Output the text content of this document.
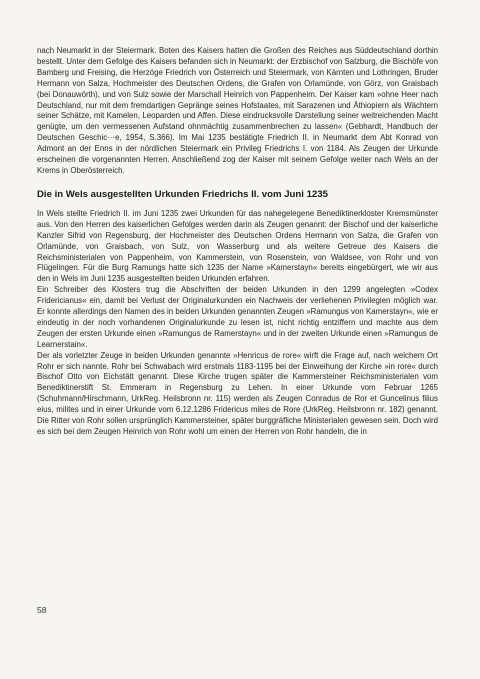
nach Neumarkt in der Steiermark. Boten des Kaisers hatten die Großen des Reiches aus Süddeutschland dorthin bestellt. Unter dem Gefolge des Kaisers befanden sich in Neumarkt: der Erzbischof von Salzburg, die Bischöfe von Bamberg und Freising, die Herzöge Friedrich von Österreich und Steiermark, von Kärnten und Lothringen, Bruder Hermann von Salza, Hochmeister des Deutschen Ordens, die Grafen von Orlamünde, von Görz, von Graisbach (bei Donauwörth), und von Sulz sowie der Marschall Heinrich von Pappenheim. Der Kaiser kam »ohne Heer nach Deutschland, nur mit dem fremdartigen Gepränge seines Hofstaates, mit Sarazenen und Äthiopiern als Wächtern seiner Schätze, mit Kamelen, Leoparden und Affen. Diese eindrucksvolle Darstellung seiner weitreichenden Macht genügte, um den vermessenen Aufstand ohnmächtig zusammenbrechen zu lassen« (Gebhardt, Handbuch der Deutschen Geschic···e, 1954, S.366). Im Mai 1235 bestätigte Friedrich II. in Neumarkt dem Abt Konrad von Admont an der Enns in der nördlichen Steiermark ein Privileg Friedrichs I. von 1184. Als Zeugen der Urkunde erscheinen die vorgenannten Herren. Anschließend zog der Kaiser mit seinem Gefolge weiter nach Wels an der Krems in Oberösterreich.

Die in Wels ausgestellten Urkunden Friedrichs II. vom Juni 1235

In Wels stellte Friedrich II. im Juni 1235 zwei Urkunden für das nahegelegene Benediktinerkloster Kremsmünster aus. Von den Herren des kaiserlichen Gefolges werden darin als Zeugen genannt: der Bischof und der kaiserliche Kanzler Sifrid von Regensburg, der Hochmeister des Deutschen Ordens Hermann von Salza, die Grafen von Orlamünde, von Graisbach, von Sulz, von Wasserburg und als weitere Getreue des Kaisers die Reichsministerialen von Pappenheim, von Kammerstein, von Rosenstein, von Waldsee, von Rohr und von Flügelingen. Für die Burg Ramungs hatte sich 1235 der Name »Kamerstayn« bereits eingebürgert, wie wir aus den in Wels im Juni 1235 ausgestellten beiden Urkunden erfahren.

Ein Schreiber des Klosters trug die Abschriften der beiden Urkunden in den 1299 angelegten »Codex Fridericianus« ein, damit bei Verlust der Originalurkunden ein Nachweis der verliehenen Privilegien möglich war. Er konnte allerdings den Namen des in beiden Urkunden genannten Zeugen »Ramungus von Kamerstayn«, wie er eindeutig in der noch vorhandenen Originalurkunde zu lesen ist, nicht richtig entziffern und machte aus dem Zeugen der ersten Urkunde einen »Ramungus de Ramerstayn« und in der zweiten Urkunde einen »Ramungus de Learnerstain«.

Der als vorletzter Zeuge in beiden Urkunden genannte »Henricus de rore« wirft die Frage auf, nach welchem Ort Rohr er sich nannte. Rohr bei Schwabach wird erstmals 1183-1195 bei der Einweihung der Kirche »in rore« durch Bischof Otto von Eichstätt genannt. Diese Kirche trugen später die Kammersteiner Reichsministerialen vom Benediktinerstift St. Emmeram in Regensburg zu Lehen. In einer Urkunde vom Februar 1265 (Schuhmann/Hirschmann, UrkReg. Heilsbronn nr. 115) werden als Zeugen Conradus de Ror et Guncelinus filius eius, milites und in einer Urkunde vom 6.12.1286 Fridericus miles de Rore (UrkReg. Heilsbronn nr. 182) genannt. Die Ritter von Rohr sollen ursprünglich Kammersteiner, später burggräfliche Ministerialen gewesen sein. Doch wird es sich bei dem Zeugen Heinrich von Rohr wohl um einen der Herren von Rohr handeln, die in

58
